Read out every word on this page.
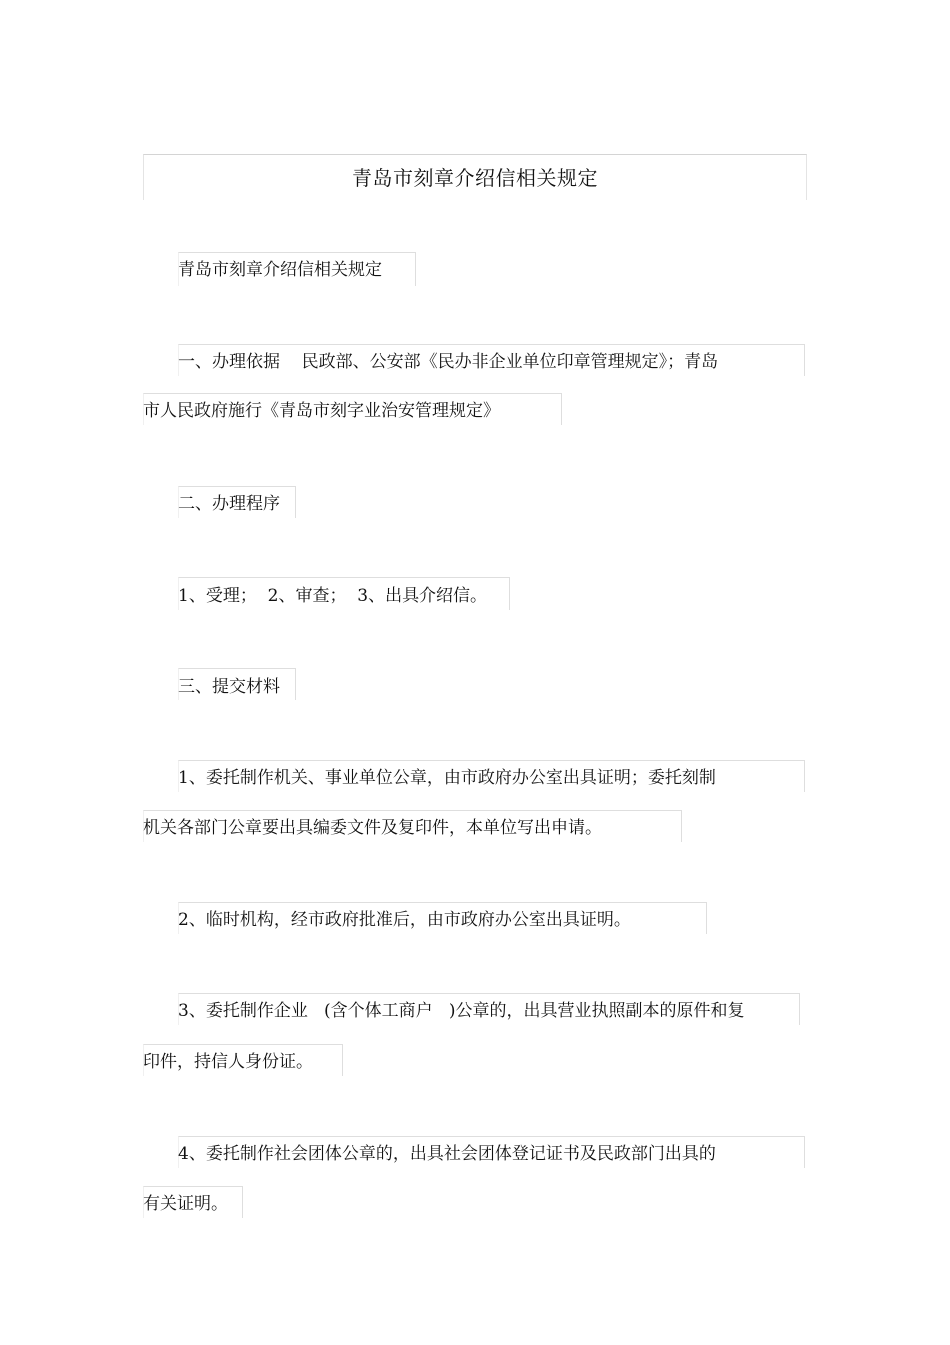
青岛市刻章介绍信相关规定
青岛市刻章介绍信相关规定
一、办理依据    民政部、公安部《民办非企业单位印章管理规定》；青岛
市人民政府施行《青岛市刻字业治安管理规定》
二、办理程序
1、受理；  2、审查；  3、出具介绍信。
三、提交材料
1、委托制作机关、事业单位公章，由市政府办公室出具证明；委托刻制
机关各部门公章要出具编委文件及复印件，本单位写出申请。
2、临时机构，经市政府批准后，由市政府办公室出具证明。
3、委托制作企业   (含个体工商户   )公章的，出具营业执照副本的原件和复
印件，持信人身份证。
4、委托制作社会团体公章的，出具社会团体登记证书及民政部门出具的
有关证明。
